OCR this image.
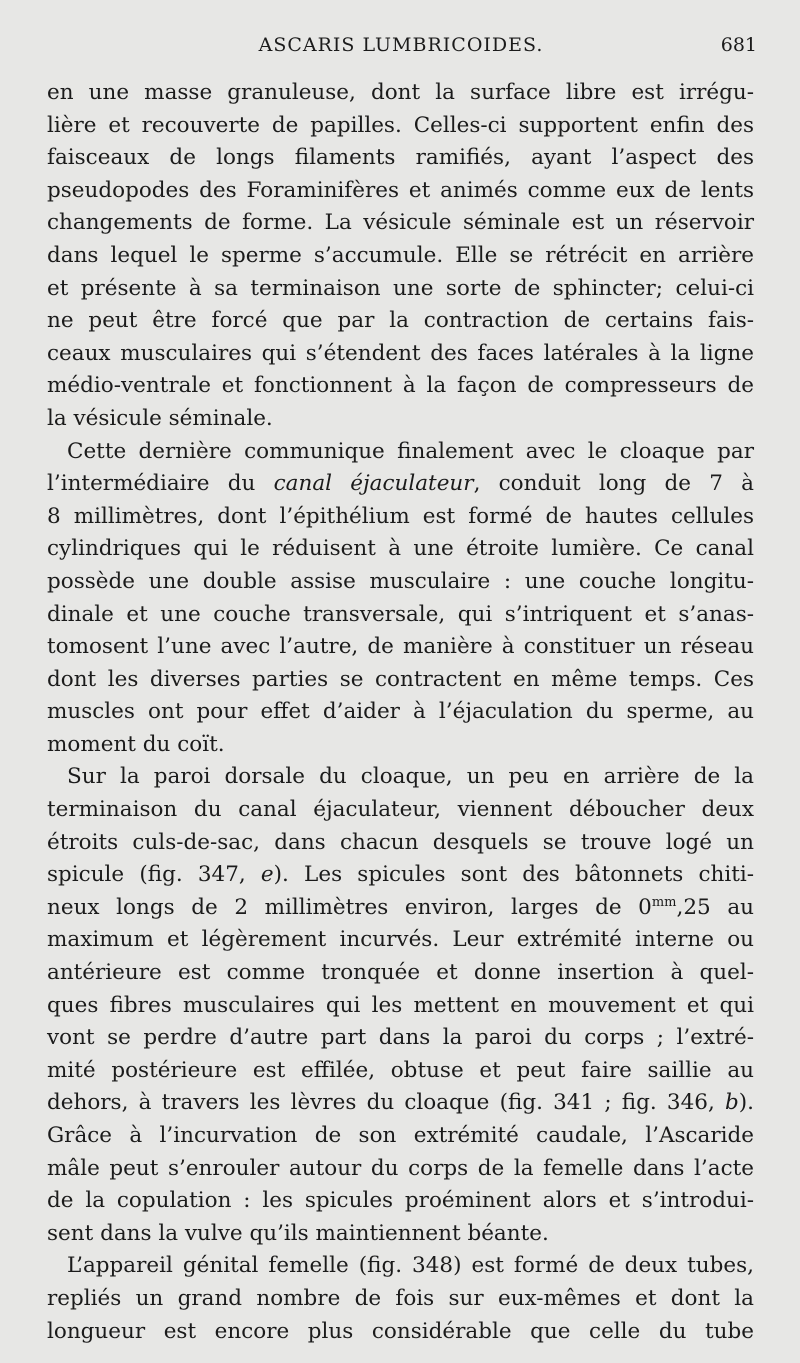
ASCARIS LUMBRICOIDES.	681
en une masse granuleuse, dont la surface libre est irrégu-
lière et recouverte de papilles. Celles-ci supportent enfin des
faisceaux de longs filaments ramifiés, ayant l’aspect des
pseudopodes des Foraminifères et animés comme eux de lents
changements de forme. La vésicule séminale est un réservoir
dans lequel le sperme s’accumule. Elle se rétrécit en arrière
et présente à sa terminaison une sorte de sphincter; celui-ci
ne peut être forcé que par la contraction de certains fais-
ceaux musculaires qui s’étendent des faces latérales à la ligne
médio-ventrale et fonctionnent à la façon de compresseurs de
la vésicule séminale.
Cette dernière communique finalement avec le cloaque par
l’intermédiaire du canal éjaculateur, conduit long de 7 à
8 millimètres, dont l’épithélium est formé de hautes cellules
cylindriques qui le réduisent à une étroite lumière. Ce canal
possède une double assise musculaire : une couche longitu-
dinale et une couche transversale, qui s’intriquent et s’anas-
tomosent l’une avec l’autre, de manière à constituer un réseau
dont les diverses parties se contractent en même temps. Ces
muscles ont pour effet d’aider à l’éjaculation du sperme, au
moment du coït.
Sur la paroi dorsale du cloaque, un peu en arrière de la
terminaison du canal éjaculateur, viennent déboucher deux
étroits culs-de-sac, dans chacun desquels se trouve logé un
spicule (fig. 347, e). Les spicules sont des bâtonnets chiti-
neux longs de 2 millimètres environ, larges de $0^{mm},25$ au
maximum et légèrement incurvés. Leur extrémité interne ou
antérieure est comme tronquée et donne insertion à quel-
ques fibres musculaires qui les mettent en mouvement et qui
vont se perdre d’autre part dans la paroi du corps ; l’extré-
mité postérieure est effilée, obtuse et peut faire saillie au
dehors, à travers les lèvres du cloaque (fig. 341 ; fig. 346, b).
Grâce à l’incurvation de son extrémité caudale, l’Ascaride
mâle peut s’enrouler autour du corps de la femelle dans l’acte
de la copulation : les spicules proéminent alors et s’introdui-
sent dans la vulve qu’ils maintiennent béante.
L’appareil génital femelle (fig. 348) est formé de deux tubes,
repliés un grand nombre de fois sur eux-mêmes et dont la
longueur est encore plus considérable que celle du tube
